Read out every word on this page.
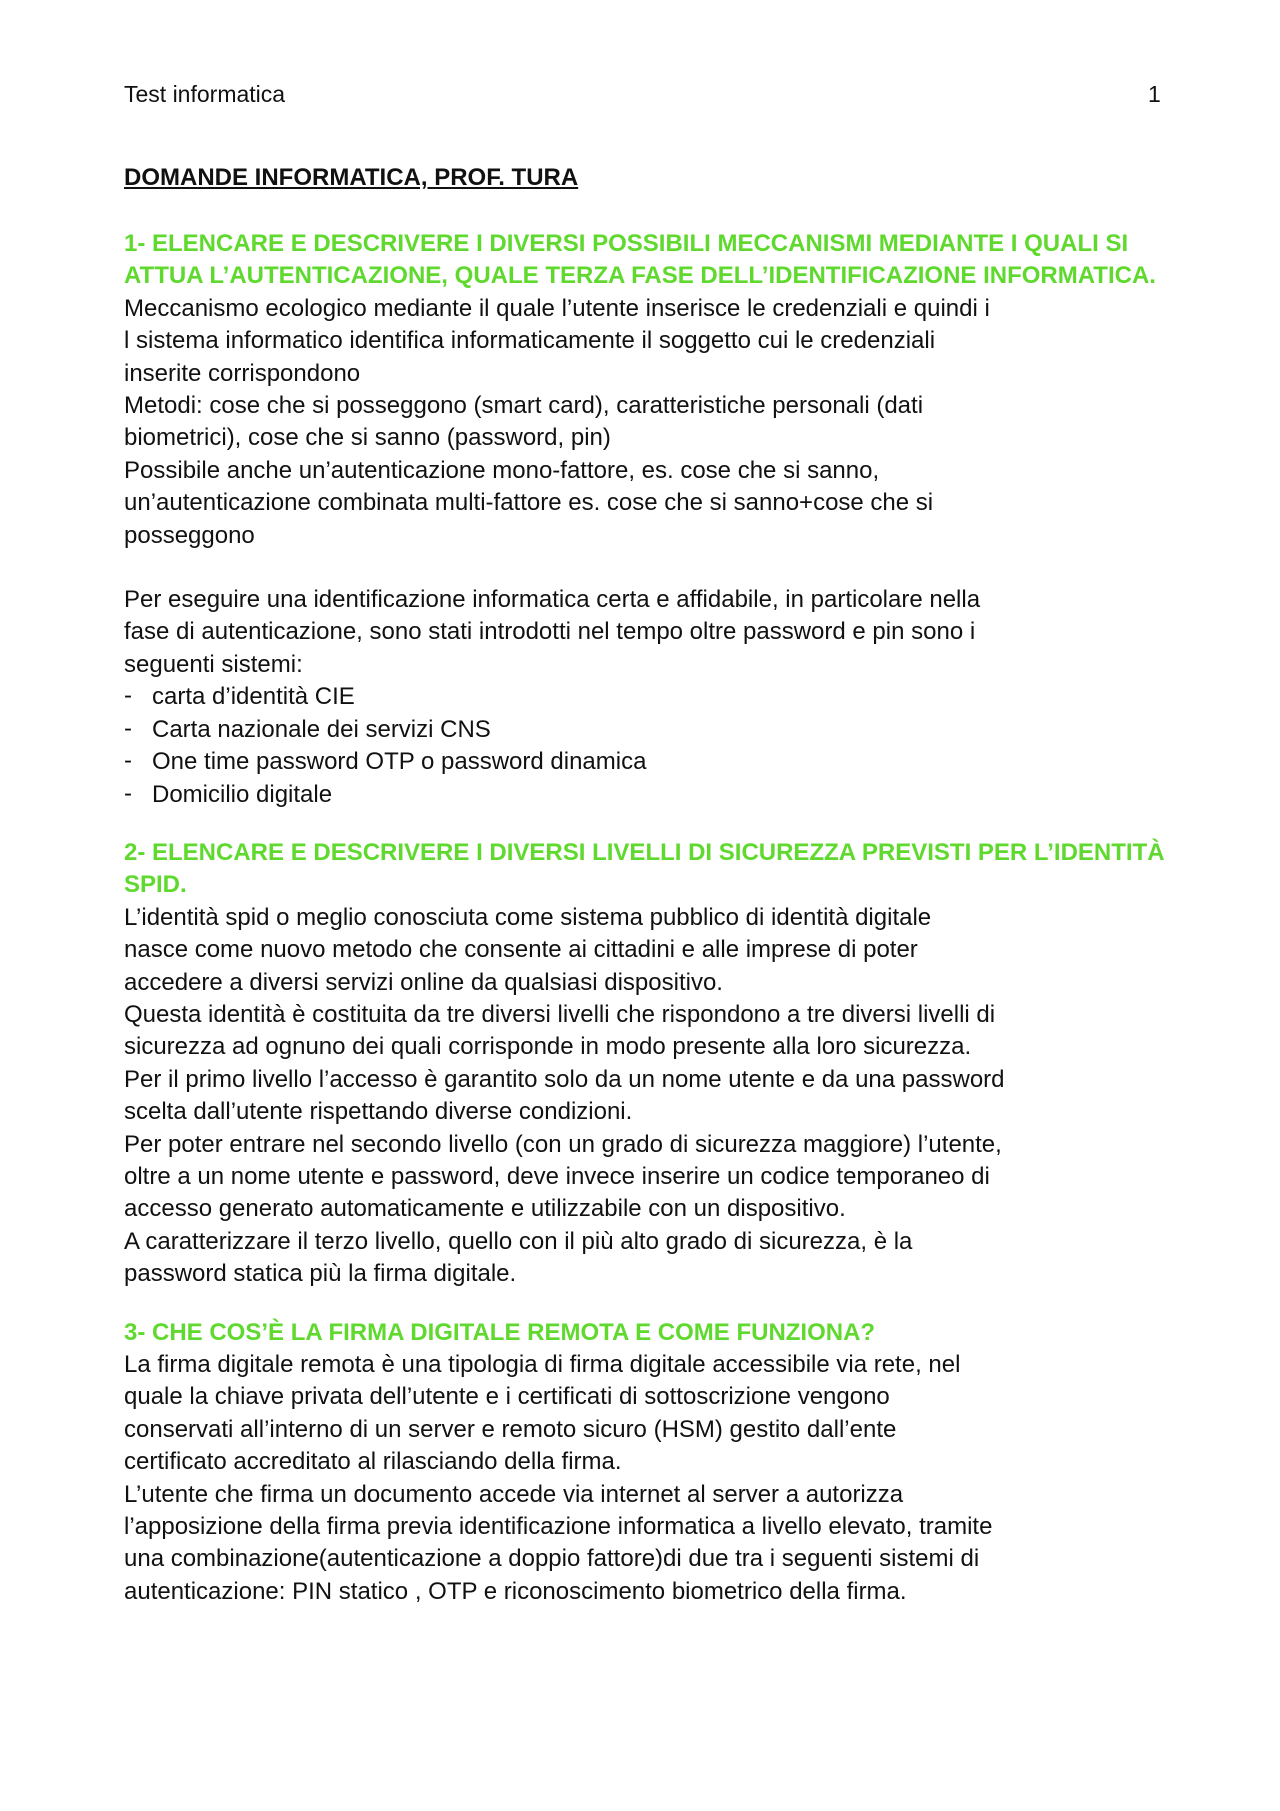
Test informatica	1
DOMANDE INFORMATICA, PROF. TURA

1- ELENCARE E DESCRIVERE I DIVERSI POSSIBILI MECCANISMI MEDIANTE I QUALI SI ATTUA L’AUTENTICAZIONE, QUALE TERZA FASE DELL’IDENTIFICAZIONE INFORMATICA.

Meccanismo ecologico mediante il quale l’utente inserisce le credenziali e quindi i

l sistema informatico identifica informaticamente il soggetto cui le credenziali

inserite corrispondono

Metodi: cose che si posseggono (smart card), caratteristiche personali (dati

biometrici), cose che si sanno (password, pin)

Possibile anche un’autenticazione mono-fattore, es. cose che si sanno,

un’autenticazione combinata multi-fattore es. cose che si sanno+cose che si

posseggono

Per eseguire una identificazione informatica certa e affidabile, in particolare nella

fase di autenticazione, sono stati introdotti nel tempo oltre password e pin sono i

seguenti sistemi:

- carta d’identità CIE
- Carta nazionale dei servizi CNS
- One time password OTP o password dinamica
- Domicilio digitale

2- ELENCARE E DESCRIVERE I DIVERSI LIVELLI DI SICUREZZA PREVISTI PER L’IDENTITÀ SPID.

L’identità spid o meglio conosciuta come sistema pubblico di identità digitale

nasce come nuovo metodo che consente ai cittadini e alle imprese di poter

accedere a diversi servizi online da qualsiasi dispositivo.

Questa identità è costituita da tre diversi livelli che rispondono a tre diversi livelli di

sicurezza ad ognuno dei quali corrisponde in modo presente alla loro sicurezza.

Per il primo livello l’accesso è garantito solo da un nome utente e da una password

scelta dall’utente rispettando diverse condizioni.

Per poter entrare nel secondo livello (con un grado di sicurezza maggiore) l’utente,

oltre a un nome utente e password, deve invece inserire un codice temporaneo di

accesso generato automaticamente e utilizzabile con un dispositivo.

A caratterizzare il terzo livello, quello con il più alto grado di sicurezza, è la

password statica più la firma digitale.

3- CHE COS’È LA FIRMA DIGITALE REMOTA E COME FUNZIONA?

La firma digitale remota è una tipologia di firma digitale accessibile via rete, nel

quale la chiave privata dell’utente e i certificati di sottoscrizione vengono

conservati all’interno di un server e remoto sicuro (HSM) gestito dall’ente

certificato accreditato al rilasciando della firma.

L’utente che firma un documento accede via internet al server a autorizza

l’apposizione della firma previa identificazione informatica a livello elevato, tramite

una combinazione(autenticazione a doppio fattore)di due tra i seguenti sistemi di

autenticazione: PIN statico , OTP e riconoscimento biometrico della firma.
